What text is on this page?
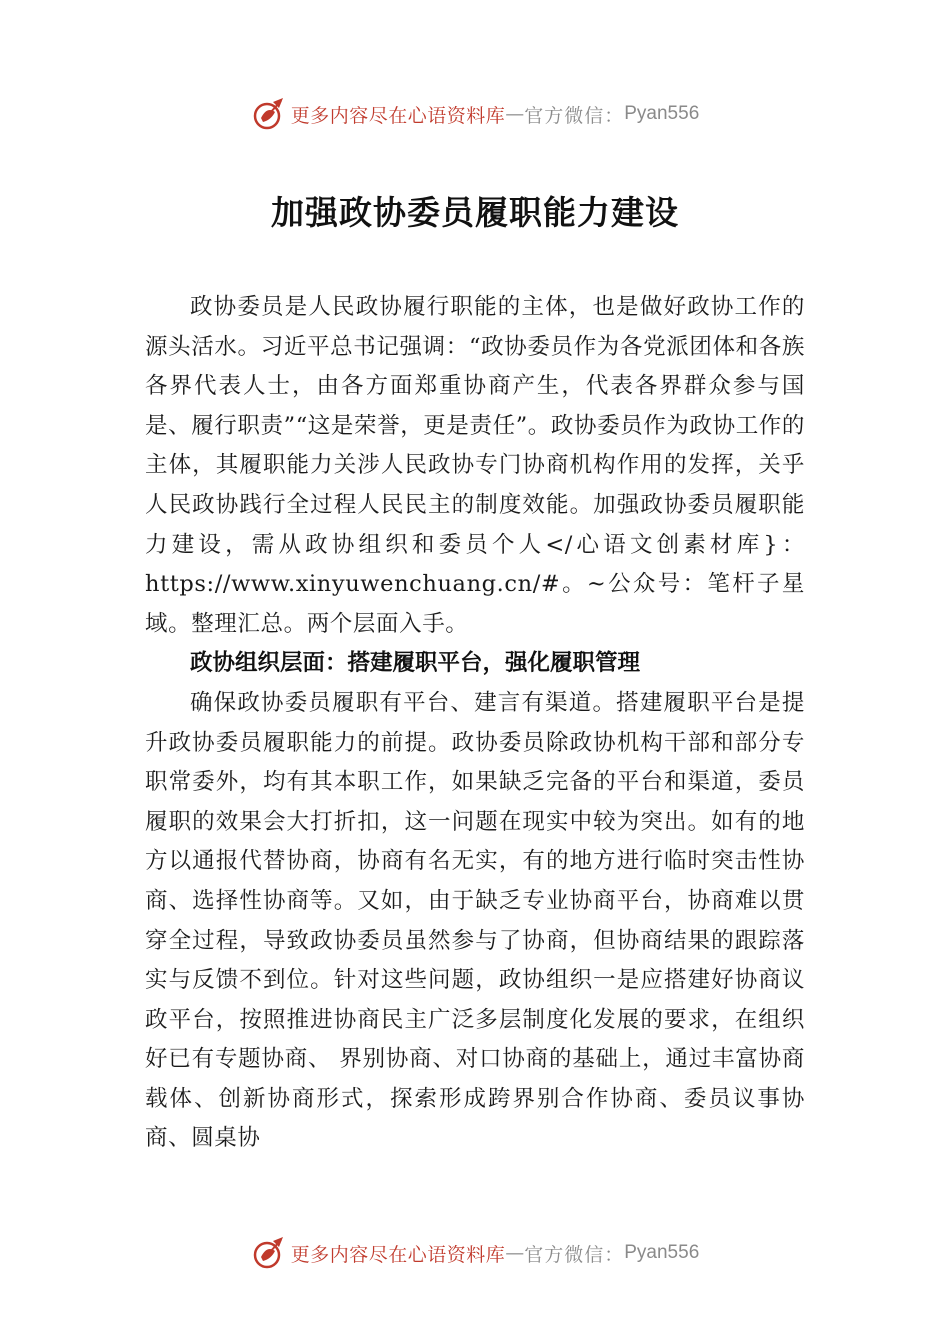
更多内容尽在心语资料库 — 官方微信： Pyan556
加强政协委员履职能力建设

政协委员是人民政协履行职能的主体，也是做好政协工作的源头活水。习近平总书记强调：“政协委员作为各党派团体和各族各界代表人士，由各方面郑重协商产生，代表各界群众参与国是、履行职责”“这是荣誉，更是责任”。政协委员作为政协工作的主体，其履职能力关涉人民政协专门协商机构作用的发挥，关乎人民政协践行全过程人民民主的制度效能。加强政协委员履职能力建设，需从政协组织和委员个人</心语文创素材库}：https://www.xinyuwenchuang.cn/#。~公众号：笔杆子星域。整理汇总。两个层面入手。

政协组织层面：搭建履职平台，强化履职管理

确保政协委员履职有平台、建言有渠道。搭建履职平台是提升政协委员履职能力的前提。政协委员除政协机构干部和部分专职常委外，均有其本职工作，如果缺乏完备的平台和渠道，委员履职的效果会大打折扣，这一问题在现实中较为突出。如有的地方以通报代替协商，协商有名无实，有的地方进行临时突击性协商、选择性协商等。又如，由于缺乏专业协商平台，协商难以贯穿全过程，导致政协委员虽然参与了协商，但协商结果的跟踪落实与反馈不到位。针对这些问题，政协组织一是应搭建好协商议政平台，按照推进协商民主广泛多层制度化发展的要求，在组织好已有专题协商、 界别协商、对口协商的基础上，通过丰富协商载体、创新协商形式，探索形成跨界别合作协商、委员议事协商、圆桌协

更多内容尽在心语资料库 — 官方微信： Pyan556
